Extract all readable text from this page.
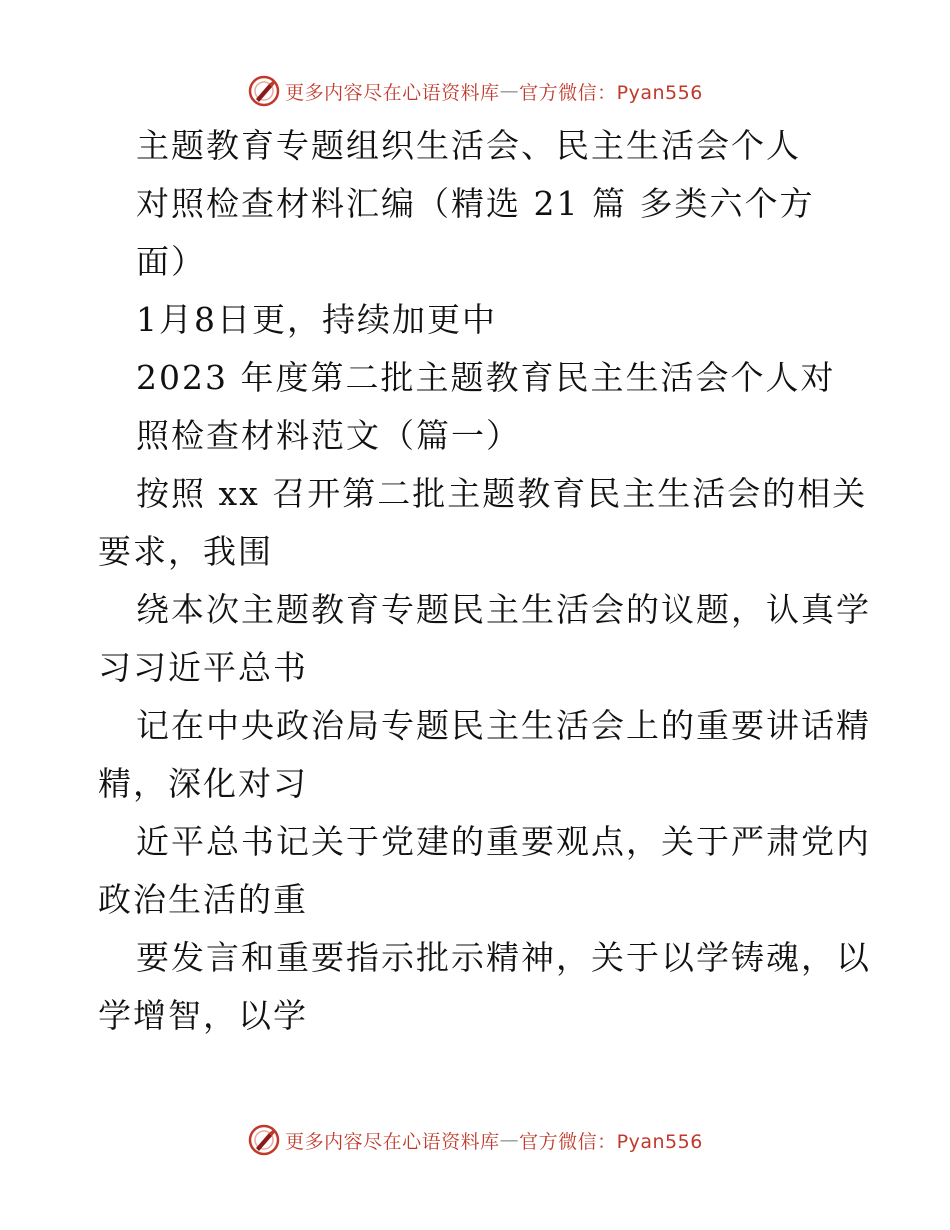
更多内容尽在心语资料库 — 官方微信：Pyan556
主题教育专题组织生活会、民主生活会个人
对照检查材料汇编（精选 21 篇 多类六个方
面）
1月8日更，持续加更中
2023 年度第二批主题教育民主生活会个人对
照检查材料范文（篇一）
按照 xx 召开第二批主题教育民主生活会的相关
要求，我围
绕本次主题教育专题民主生活会的议题，认真学
习习近平总书
记在中央政治局专题民主生活会上的重要讲话精
精，深化对习
近平总书记关于党建的重要观点，关于严肃党内
政治生活的重
要发言和重要指示批示精神，关于以学铸魂，以
学增智，以学
更多内容尽在心语资料库 — 官方微信：Pyan556
